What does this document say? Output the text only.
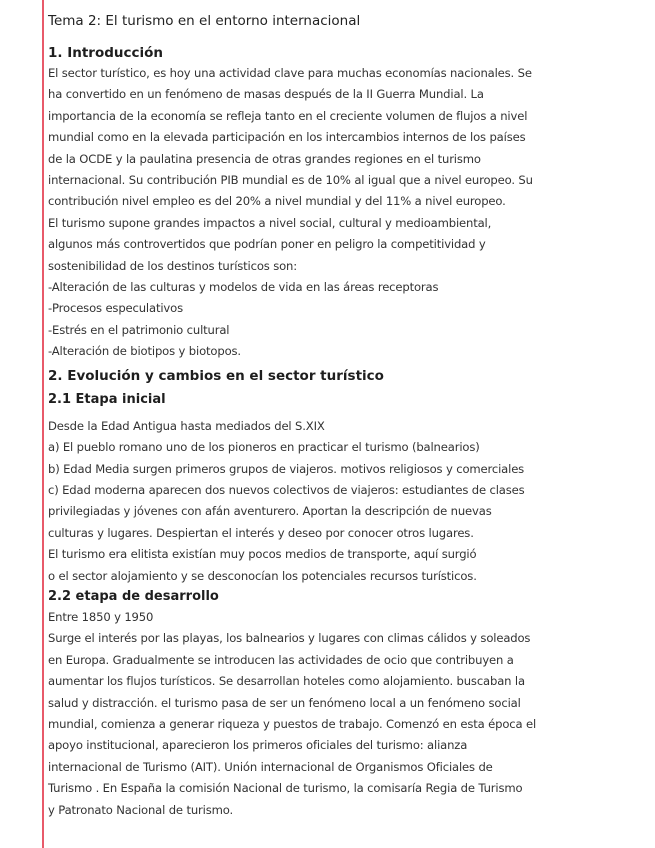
Tema 2: El turismo en el entorno internacional
1. Introducción
El sector turístico, es hoy una actividad clave para muchas economías nacionales. Se
ha convertido en un fenómeno de masas después de la II Guerra Mundial. La
importancia de la economía se refleja tanto en el creciente volumen de flujos a nivel
mundial como en la elevada participación en los intercambios internos de los países
de la OCDE y la paulatina presencia de otras grandes regiones en el turismo
internacional. Su contribución PIB mundial es de 10% al igual que a nivel europeo. Su
contribución nivel empleo es del 20% a nivel mundial y del 11% a nivel europeo.
El turismo supone grandes impactos a nivel social, cultural y medioambiental,
algunos más controvertidos que podrían poner en peligro la competitividad y
sostenibilidad de los destinos turísticos son:
-Alteración de las culturas y modelos de vida en las áreas receptoras
-Procesos especulativos
-Estrés en el patrimonio cultural
-Alteración de biotipos y biotopos.
2. Evolución y cambios en el sector turístico
2.1 Etapa inicial
Desde la Edad Antigua hasta mediados del S.XIX
a) El pueblo romano uno de los pioneros en practicar el turismo (balnearios)
b) Edad Media surgen primeros grupos de viajeros. motivos religiosos y comerciales
c) Edad moderna aparecen dos nuevos colectivos de viajeros: estudiantes de clases
privilegiadas y jóvenes con afán aventurero. Aportan la descripción de nuevas
culturas y lugares. Despiertan el interés y deseo por conocer otros lugares.
El turismo era elitista existían muy pocos medios de transporte, aquí surgió
o el sector alojamiento y se desconocían los potenciales recursos turísticos.
2.2 etapa de desarrollo
Entre 1850 y 1950
Surge el interés por las playas, los balnearios y lugares con climas cálidos y soleados
en Europa. Gradualmente se introducen las actividades de ocio que contribuyen a
aumentar los flujos turísticos. Se desarrollan hoteles como alojamiento. buscaban la
salud y distracción. el turismo pasa de ser un fenómeno local a un fenómeno social
mundial, comienza a generar riqueza y puestos de trabajo. Comenzó en esta época el
apoyo institucional, aparecieron los primeros oficiales del turismo: alianza
internacional de Turismo (AIT). Unión internacional de Organismos Oficiales de
Turismo . En España la comisión Nacional de turismo, la comisaría Regia de Turismo
y Patronato Nacional de turismo.
